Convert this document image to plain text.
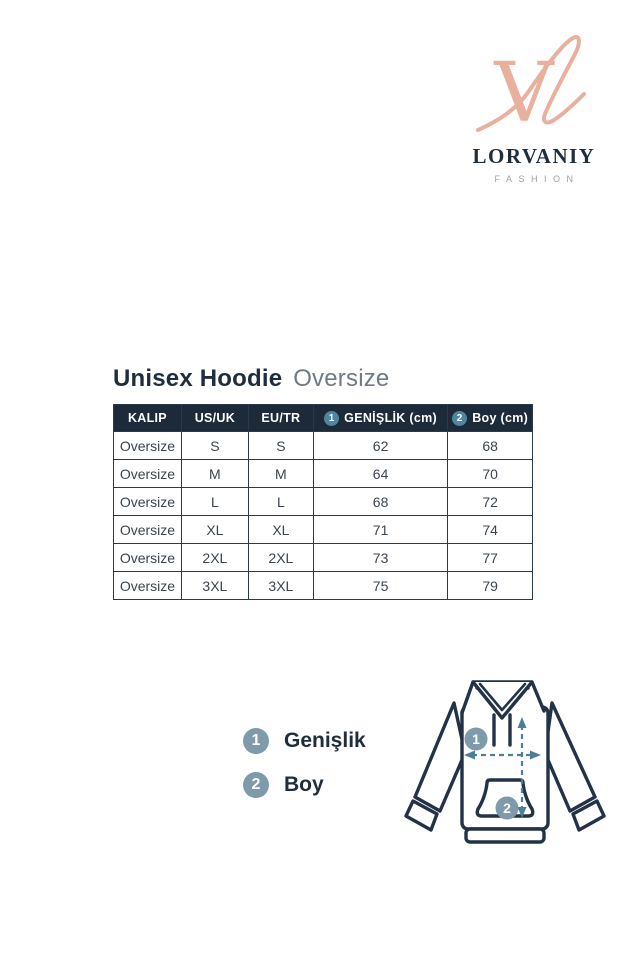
V
LORVANIY
FASHION
Unisex Hoodie Oversize
KALIP	US/UK	EU/TR	1 GENİŞLİK (cm)	2 Boy (cm)

Oversize	S	S	62	68
Oversize	M	M	64	70
Oversize	L	L	68	72
Oversize	XL	XL	71	74
Oversize	2XL	2XL	73	77
Oversize	3XL	3XL	75	79
1	Genişlik
2	Boy
1
2
